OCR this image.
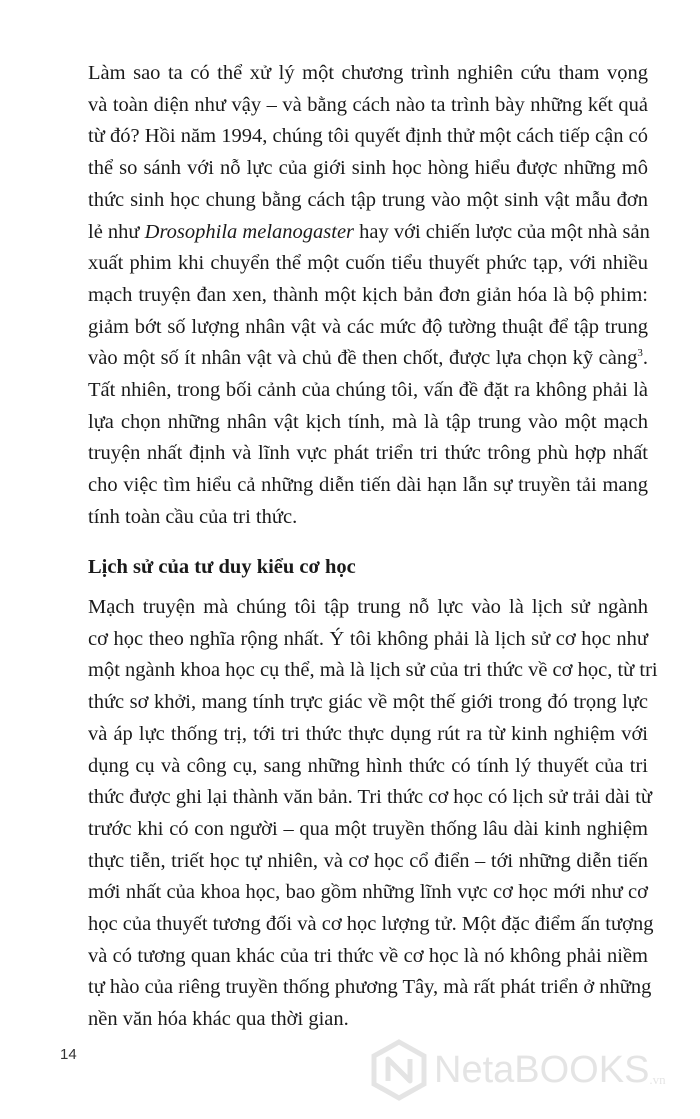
Làm sao ta có thể xử lý một chương trình nghiên cứu tham vọng
và toàn diện như vậy – và bằng cách nào ta trình bày những kết quả
từ đó? Hồi năm 1994, chúng tôi quyết định thử một cách tiếp cận có
thể so sánh với nỗ lực của giới sinh học hòng hiểu được những mô
thức sinh học chung bằng cách tập trung vào một sinh vật mẫu đơn
lẻ như Drosophila melanogaster hay với chiến lược của một nhà sản
xuất phim khi chuyển thể một cuốn tiểu thuyết phức tạp, với nhiều
mạch truyện đan xen, thành một kịch bản đơn giản hóa là bộ phim:
giảm bớt số lượng nhân vật và các mức độ tường thuật để tập trung
vào một số ít nhân vật và chủ đề then chốt, được lựa chọn kỹ càng$^3$.
Tất nhiên, trong bối cảnh của chúng tôi, vấn đề đặt ra không phải là
lựa chọn những nhân vật kịch tính, mà là tập trung vào một mạch
truyện nhất định và lĩnh vực phát triển tri thức trông phù hợp nhất
cho việc tìm hiểu cả những diễn tiến dài hạn lẫn sự truyền tải mang
tính toàn cầu của tri thức.
Lịch sử của tư duy kiểu cơ học
Mạch truyện mà chúng tôi tập trung nỗ lực vào là lịch sử ngành
cơ học theo nghĩa rộng nhất. Ý tôi không phải là lịch sử cơ học như
một ngành khoa học cụ thể, mà là lịch sử của tri thức về cơ học, từ tri
thức sơ khởi, mang tính trực giác về một thế giới trong đó trọng lực
và áp lực thống trị, tới tri thức thực dụng rút ra từ kinh nghiệm với
dụng cụ và công cụ, sang những hình thức có tính lý thuyết của tri
thức được ghi lại thành văn bản. Tri thức cơ học có lịch sử trải dài từ
trước khi có con người – qua một truyền thống lâu dài kinh nghiệm
thực tiễn, triết học tự nhiên, và cơ học cổ điển – tới những diễn tiến
mới nhất của khoa học, bao gồm những lĩnh vực cơ học mới như cơ
học của thuyết tương đối và cơ học lượng tử. Một đặc điểm ấn tượng
và có tương quan khác của tri thức về cơ học là nó không phải niềm
tự hào của riêng truyền thống phương Tây, mà rất phát triển ở những
nền văn hóa khác qua thời gian.
14	NetaBOOKS .vn
